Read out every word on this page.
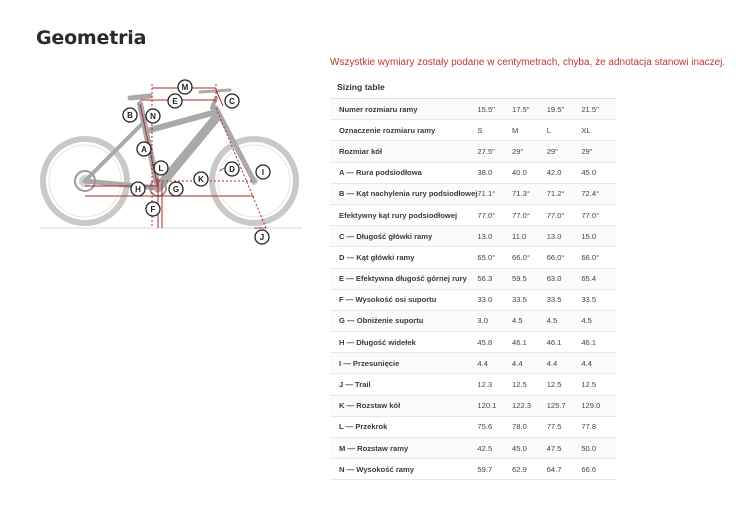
Geometria
Wszystkie wymiary zostały podane w centymetrach, chyba, że adnotacja stanowi inaczej.
M
E	C
B N
A
L	D	I
H	G
K
F
J
Sizing table
Numer rozmiaru ramy	15.5"	17.5"	19.5"	21.5"
Oznaczenie rozmiaru ramy	S	M	L	XL
Rozmiar kół	27.5"	29"	29"	29"
A — Rura podsiodłowa	38.0	40.0	42.0	45.0
B — Kąt nachylenia rury podsiodłowej	71.1°	71.3°	71.2°	72.4°
Efektywny kąt rury podsiodłowej	77.0°	77.0°	77.0°	77.0°
C — Długość główki ramy	13.0	11.0	13.0	15.0
D — Kąt główki ramy	65.0°	66.0°	66.0°	66.0°
E — Efektywna długość górnej rury	56.3	59.5	63.0	65.4
F — Wysokość osi suportu	33.0	33.5	33.5	33.5
G — Obniżenie suportu	3.0	4.5	4.5	4.5
H — Długość widełek	45.8	46.1	46.1	46.1
I — Przesunięcie	4.4	4.4	4.4	4.4
J — Trail	12.3	12.5	12.5	12.5
K — Rozstaw kół	120.1	122.3	125.7	129.0
L — Przekrok	75.6	78.0	77.5	77.8
M — Rozstaw ramy	42.5	45.0	47.5	50.0
N — Wysokość ramy	59.7	62.9	64.7	66.6
